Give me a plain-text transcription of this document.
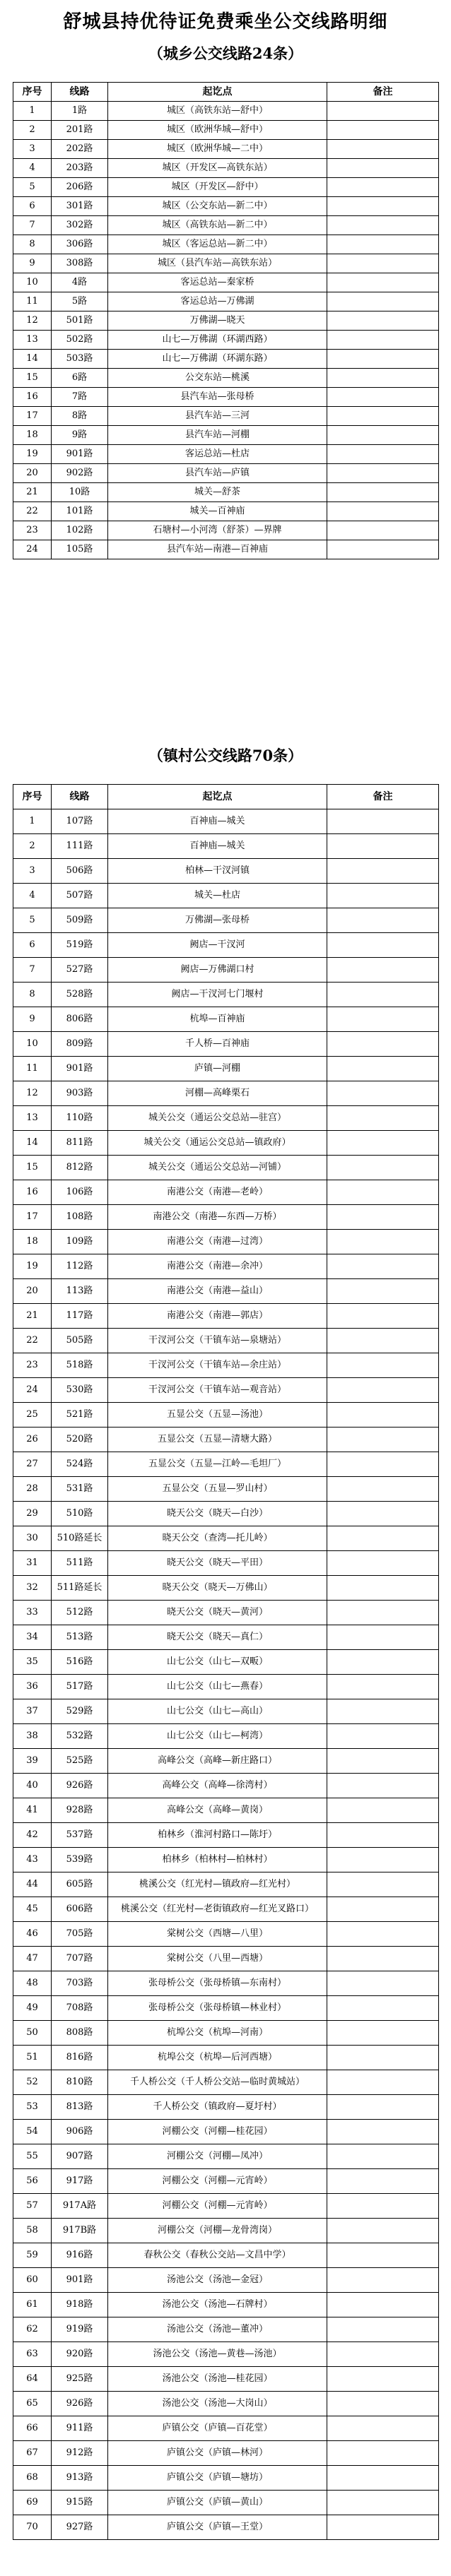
舒城县持优待证免费乘坐公交线路明细
（城乡公交线路24条）
序号	线路	起讫点	备注
1	1路	城区（高铁东站—舒中）	
2	201路	城区（欧洲华城—舒中）	
3	202路	城区（欧洲华城—二中）	
4	203路	城区（开发区—高铁东站）	
5	206路	城区（开发区—舒中）	
6	301路	城区（公交东站—新二中）	
7	302路	城区（高铁东站—新二中）	
8	306路	城区（客运总站—新二中）	
9	308路	城区（县汽车站—高铁东站）	
10	4路	客运总站—秦家桥	
11	5路	客运总站—万佛湖	
12	501路	万佛湖—晓天	
13	502路	山七—万佛湖（环湖西路）	
14	503路	山七—万佛湖（环湖东路）	
15	6路	公交东站—桃溪	
16	7路	县汽车站—张母桥	
17	8路	县汽车站—三河	
18	9路	县汽车站—河棚	
19	901路	客运总站—杜店	
20	902路	县汽车站—庐镇	
21	10路	城关—舒茶	
22	101路	城关—百神庙	
23	102路	石塘村—小河湾（舒茶）—界牌	
24	105路	县汽车站—南港—百神庙	
（镇村公交线路70条）
序号	线路	起讫点	备注
1	107路	百神庙—城关	
2	111路	百神庙—城关	
3	506路	柏林—干汊河镇	
4	507路	城关—杜店	
5	509路	万佛湖—张母桥	
6	519路	阙店—干汊河	
7	527路	阙店—万佛湖口村	
8	528路	阙店—干汊河七门堰村	
9	806路	杭埠—百神庙	
10	809路	千人桥—百神庙	
11	901路	庐镇—河棚	
12	903路	河棚—高峰栗石	
13	110路	城关公交（通运公交总站—驻宫）	
14	811路	城关公交（通运公交总站—镇政府）	
15	812路	城关公交（通运公交总站—河铺）	
16	106路	南港公交（南港—老岭）	
17	108路	南港公交（南港—东西—万桥）	
18	109路	南港公交（南港—过湾）	
19	112路	南港公交（南港—余冲）	
20	113路	南港公交（南港—益山）	
21	117路	南港公交（南港—郭店）	
22	505路	干汊河公交（干镇车站—泉塘站）	
23	518路	干汊河公交（干镇车站—余庄站）	
24	530路	干汊河公交（干镇车站—观音站）	
25	521路	五显公交（五显—汤池）	
26	520路	五显公交（五显—清塘大路）	
27	524路	五显公交（五显—江岭—毛坦厂）	
28	531路	五显公交（五显—罗山村）	
29	510路	晓天公交（晓天—白沙）	
30	510路延长	晓天公交（查湾—托儿岭）	
31	511路	晓天公交（晓天—平田）	
32	511路延长	晓天公交（晓天—万佛山）	
33	512路	晓天公交（晓天—黄河）	
34	513路	晓天公交（晓天—真仁）	
35	516路	山七公交（山七—双畈）	
36	517路	山七公交（山七—燕春）	
37	529路	山七公交（山七—高山）	
38	532路	山七公交（山七—柯湾）	
39	525路	高峰公交（高峰—新庄路口）	
40	926路	高峰公交（高峰—徐湾村）	
41	928路	高峰公交（高峰—黄岗）	
42	537路	柏林乡（淮河村路口—陈圩）	
43	539路	柏林乡（柏林村—柏林村）	
44	605路	桃溪公交（红光村—镇政府—红光村）	
45	606路	桃溪公交（红光村—老街镇政府—红光叉路口）	
46	705路	棠树公交（西塘—八里）	
47	707路	棠树公交（八里—西塘）	
48	703路	张母桥公交（张母桥镇—东南村）	
49	708路	张母桥公交（张母桥镇—林业村）	
50	808路	杭埠公交（杭埠—河南）	
51	816路	杭埠公交（杭埠—后河西塘）	
52	810路	千人桥公交（千人桥公交站—临时黄城站）	
53	813路	千人桥公交（镇政府—夏圩村）	
54	906路	河棚公交（河棚—桂花园）	
55	907路	河棚公交（河棚—凤冲）	
56	917路	河棚公交（河棚—元宵岭）	
57	917A路	河棚公交（河棚—元宵岭）	
58	917B路	河棚公交（河棚—龙骨湾岗）	
59	916路	春秋公交（春秋公交站—文昌中学）	
60	901路	汤池公交（汤池—金冠）	
61	918路	汤池公交（汤池—石牌村）	
62	919路	汤池公交（汤池—董冲）	
63	920路	汤池公交（汤池—黄巷—汤池）	
64	925路	汤池公交（汤池—桂花园）	
65	926路	汤池公交（汤池—大岗山）	
66	911路	庐镇公交（庐镇—百花堂）	
67	912路	庐镇公交（庐镇—林河）	
68	913路	庐镇公交（庐镇—塘坊）	
69	915路	庐镇公交（庐镇—黄山）	
70	927路	庐镇公交（庐镇—王堂）	
